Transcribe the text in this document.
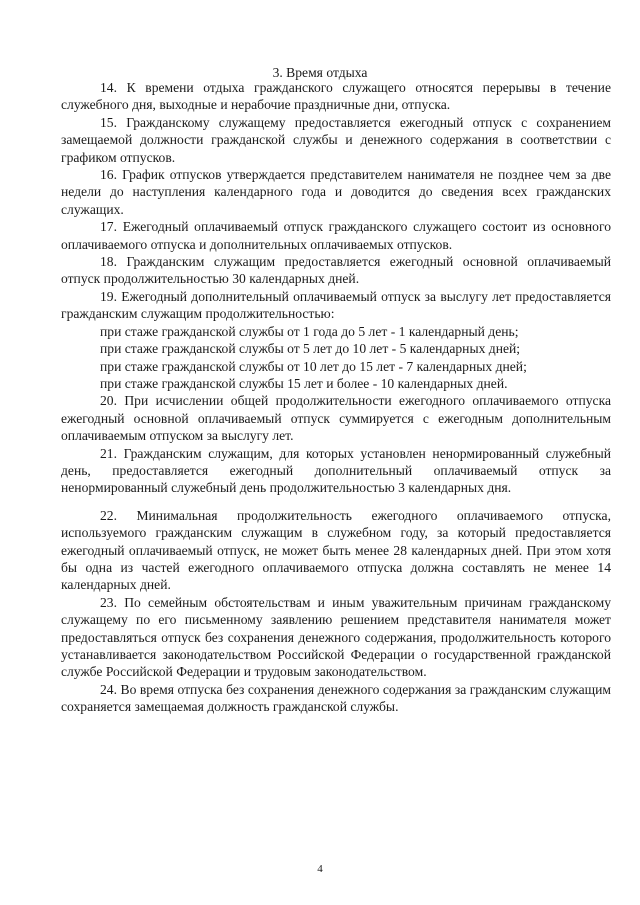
3. Время отдыха

14. К времени отдыха гражданского служащего относятся перерывы в течение служебного дня, выходные и нерабочие праздничные дни, отпуска.

15. Гражданскому служащему предоставляется ежегодный отпуск с сохранением замещаемой должности гражданской службы и денежного содержания в соответствии с графиком отпусков.

16. График отпусков утверждается представителем нанимателя не позднее чем за две недели до наступления календарного года и доводится до сведения всех гражданских служащих.

17. Ежегодный оплачиваемый отпуск гражданского служащего состоит из основного оплачиваемого отпуска и дополнительных оплачиваемых отпусков.

18. Гражданским служащим предоставляется ежегодный основной оплачиваемый отпуск продолжительностью 30 календарных дней.

19. Ежегодный дополнительный оплачиваемый отпуск за выслугу лет предоставляется гражданским служащим продолжительностью:

при стаже гражданской службы от 1 года до 5 лет - 1 календарный день;
при стаже гражданской службы от 5 лет до 10 лет - 5 календарных дней;
при стаже гражданской службы от 10 лет до 15 лет - 7 календарных дней;
при стаже гражданской службы 15 лет и более - 10 календарных дней.

20. При исчислении общей продолжительности ежегодного оплачиваемого отпуска ежегодный основной оплачиваемый отпуск суммируется с ежегодным дополнительным оплачиваемым отпуском за выслугу лет.

21. Гражданским служащим, для которых установлен ненормированный служебный день, предоставляется ежегодный дополнительный оплачиваемый отпуск за ненормированный служебный день продолжительностью 3 календарных дня.

22. Минимальная продолжительность ежегодного оплачиваемого отпуска, используемого гражданским служащим в служебном году, за который предоставляется ежегодный оплачиваемый отпуск, не может быть менее 28 календарных дней. При этом хотя бы одна из частей ежегодного оплачиваемого отпуска должна составлять не менее 14 календарных дней.

23. По семейным обстоятельствам и иным уважительным причинам гражданскому служащему по его письменному заявлению решением представителя нанимателя может предоставляться отпуск без сохранения денежного содержания, продолжительность которого устанавливается законодательством Российской Федерации о государственной гражданской службе Российской Федерации и трудовым законодательством.

24. Во время отпуска без сохранения денежного содержания за гражданским служащим сохраняется замещаемая должность гражданской службы.

4
